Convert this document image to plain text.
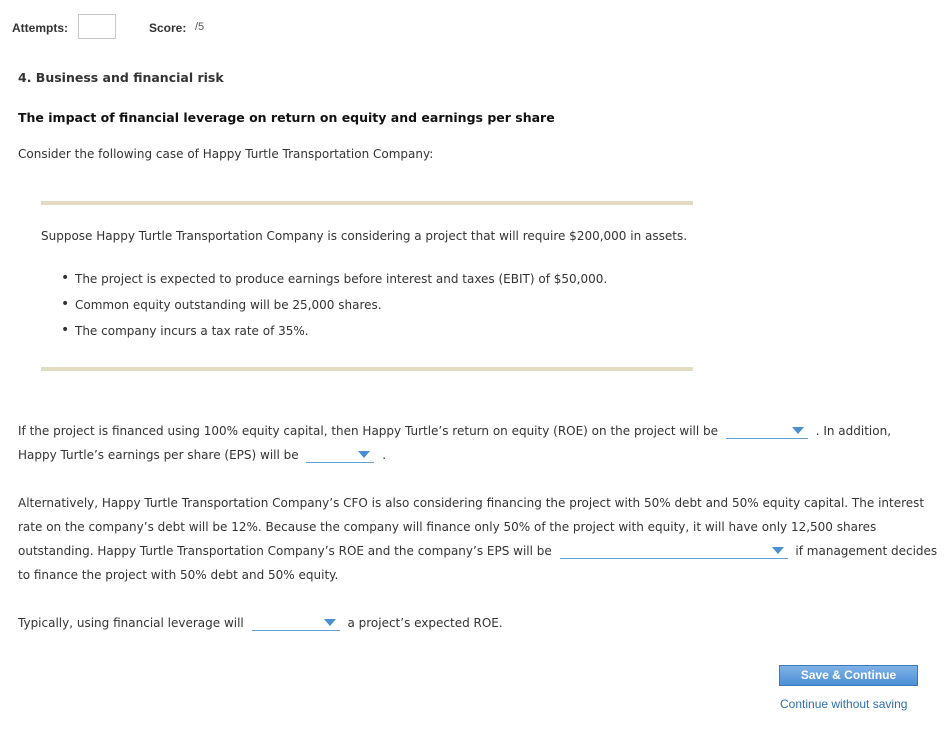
Attempts:	Score: /5
4. Business and financial risk
The impact of financial leverage on return on equity and earnings per share
Consider the following case of Happy Turtle Transportation Company:
Suppose Happy Turtle Transportation Company is considering a project that will require $200,000 in assets.
• The project is expected to produce earnings before interest and taxes (EBIT) of $50,000.
• Common equity outstanding will be 25,000 shares.
• The company incurs a tax rate of 35%.
If the project is financed using 100% equity capital, then Happy Turtle’s return on equity (ROE) on the project will be	. In addition,
Happy Turtle’s earnings per share (EPS) will be	.
Alternatively, Happy Turtle Transportation Company’s CFO is also considering financing the project with 50% debt and 50% equity capital. The interest
rate on the company’s debt will be 12%. Because the company will finance only 50% of the project with equity, it will have only 12,500 shares
outstanding. Happy Turtle Transportation Company’s ROE and the company’s EPS will be	if management decides
to finance the project with 50% debt and 50% equity.
Typically, using financial leverage will	a project’s expected ROE.
Save & Continue
Continue without saving
